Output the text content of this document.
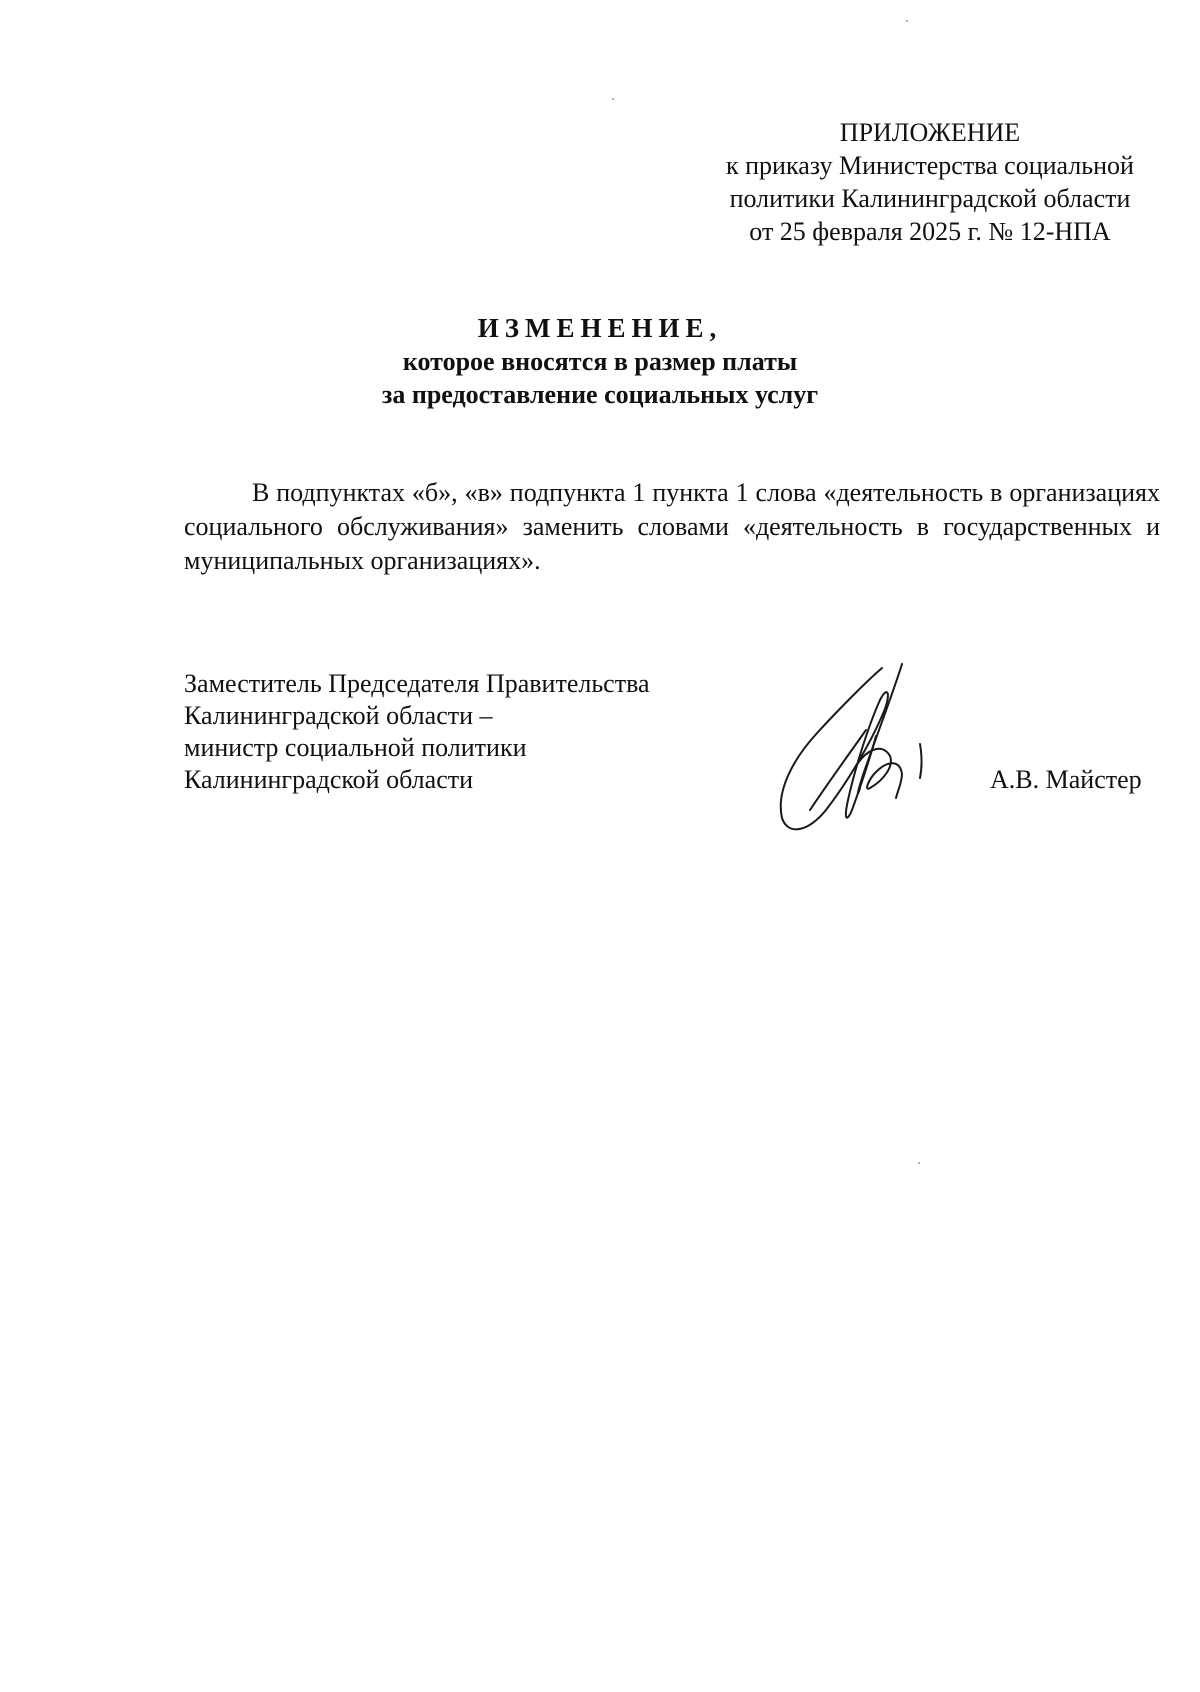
ПРИЛОЖЕНИЕ
к приказу Министерства социальной
политики Калининградской области
от 25 февраля 2025 г. № 12-НПА
ИЗМЕНЕНИЕ,
которое вносятся в размер платы
за предоставление социальных услуг

В подпунктах «б», «в» подпункта 1 пункта 1 слова «деятельность в организациях социального обслуживания» заменить словами «деятельность в государственных и муниципальных организациях».

Заместитель Председателя Правительства
Калининградской области –
министр социальной политики
Калининградской области	А.В. Майстер
